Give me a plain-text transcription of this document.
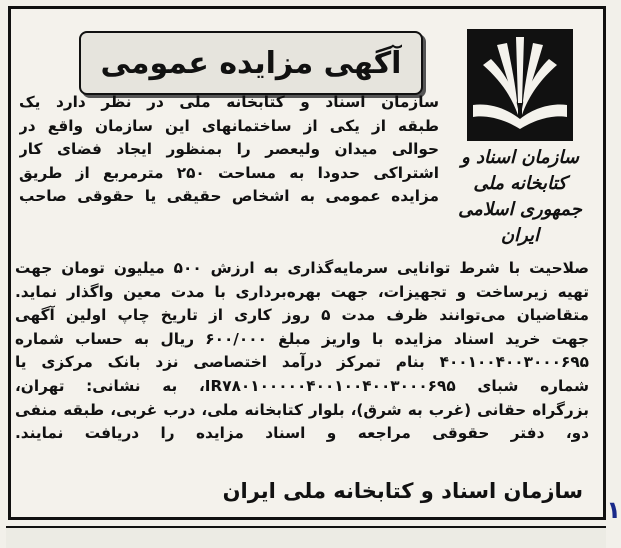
آگهی مزایده عمومی
سازمان اسناد و کتابخانه ملی
جمهوری اسلامی ایران
سازمان اسناد و کتابخانه ملی در نظر دارد یک
طبقه از یکی از ساختمانهای این سازمان واقع در
حوالی میدان ولیعصر را بمنظور ایجاد فضای کار
اشتراکی حدودا به مساحت ۲۵۰ مترمربع از طریق
مزایده عمومی به اشخاص حقیقی یا حقوقی صاحب
صلاحیت با شرط توانایی سرمایه‌گذاری به ارزش ۵۰۰ میلیون تومان جهت
تهیه زیرساخت و تجهیزات، جهت بهره‌برداری با مدت معین واگذار نماید.
متقاضیان می‌توانند ظرف مدت ۵ روز کاری از تاریخ چاپ اولین آگهی
جهت خرید اسناد مزایده با واریز مبلغ ۶۰۰/۰۰۰ ریال به حساب شماره
۴۰۰۱۰۰۴۰۰۳۰۰۰۶۹۵ بنام تمرکز درآمد اختصاصی نزد بانک مرکزی یا
شماره شبای IR۷۸۰۱۰۰۰۰۰۴۰۰۱۰۰۴۰۰۳۰۰۰۶۹۵، به نشانی: تهران،
بزرگراه حقانی (غرب به شرق)، بلوار کتابخانه ملی، درب غربی، طبقه منفی
دو، دفتر حقوقی مراجعه و اسناد مزایده را دریافت نمایند.
سازمان اسناد و کتابخانه ملی ایران
۱
